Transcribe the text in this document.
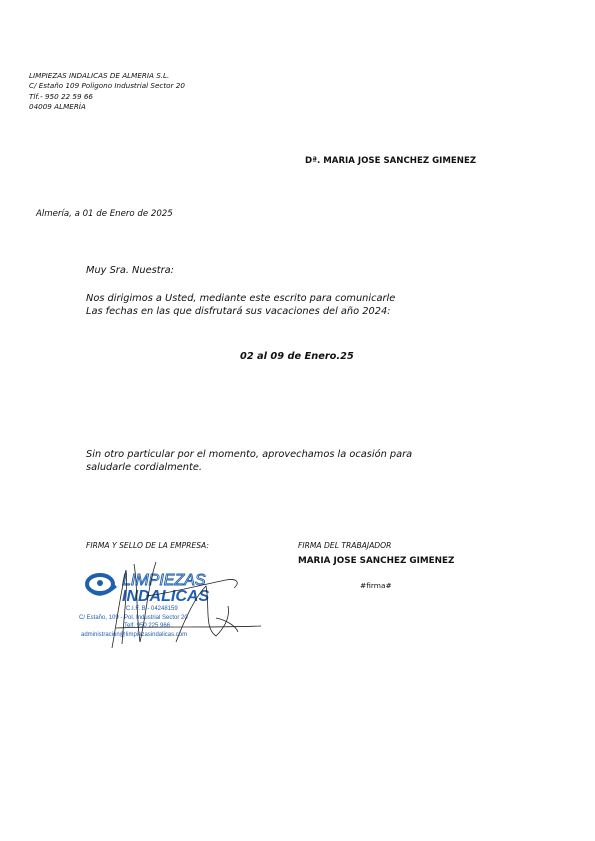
LIMPIEZAS INDALICAS DE ALMERIA S.L.
C/ Estaño 109 Poligono Industrial Sector 20
Tlf.- 950 22 59 66
04009 ALMERÍA
Dª. MARIA JOSE SANCHEZ GIMENEZ
Almería, a 01 de Enero de 2025
Muy Sra. Nuestra:
Nos dirigimos a Usted, mediante este escrito para comunicarle
Las fechas en las que disfrutará sus vacaciones del año 2024:
02 al 09 de Enero.25
Sin otro particular por el momento, aprovechamos la ocasión para
saludarle cordialmente.
FIRMA Y SELLO DE LA EMPRESA:	FIRMA DEL TRABAJADOR
MARIA JOSE SANCHEZ GIMENEZ
#firma#
LIMPIEZAS
INDALICAS
C.I.F. B - 04248159
C/ Estaño, 109 - Pol. Industrial Sector 20
Telf. 950 225 966
administracion@limpiezasindalicas.com
